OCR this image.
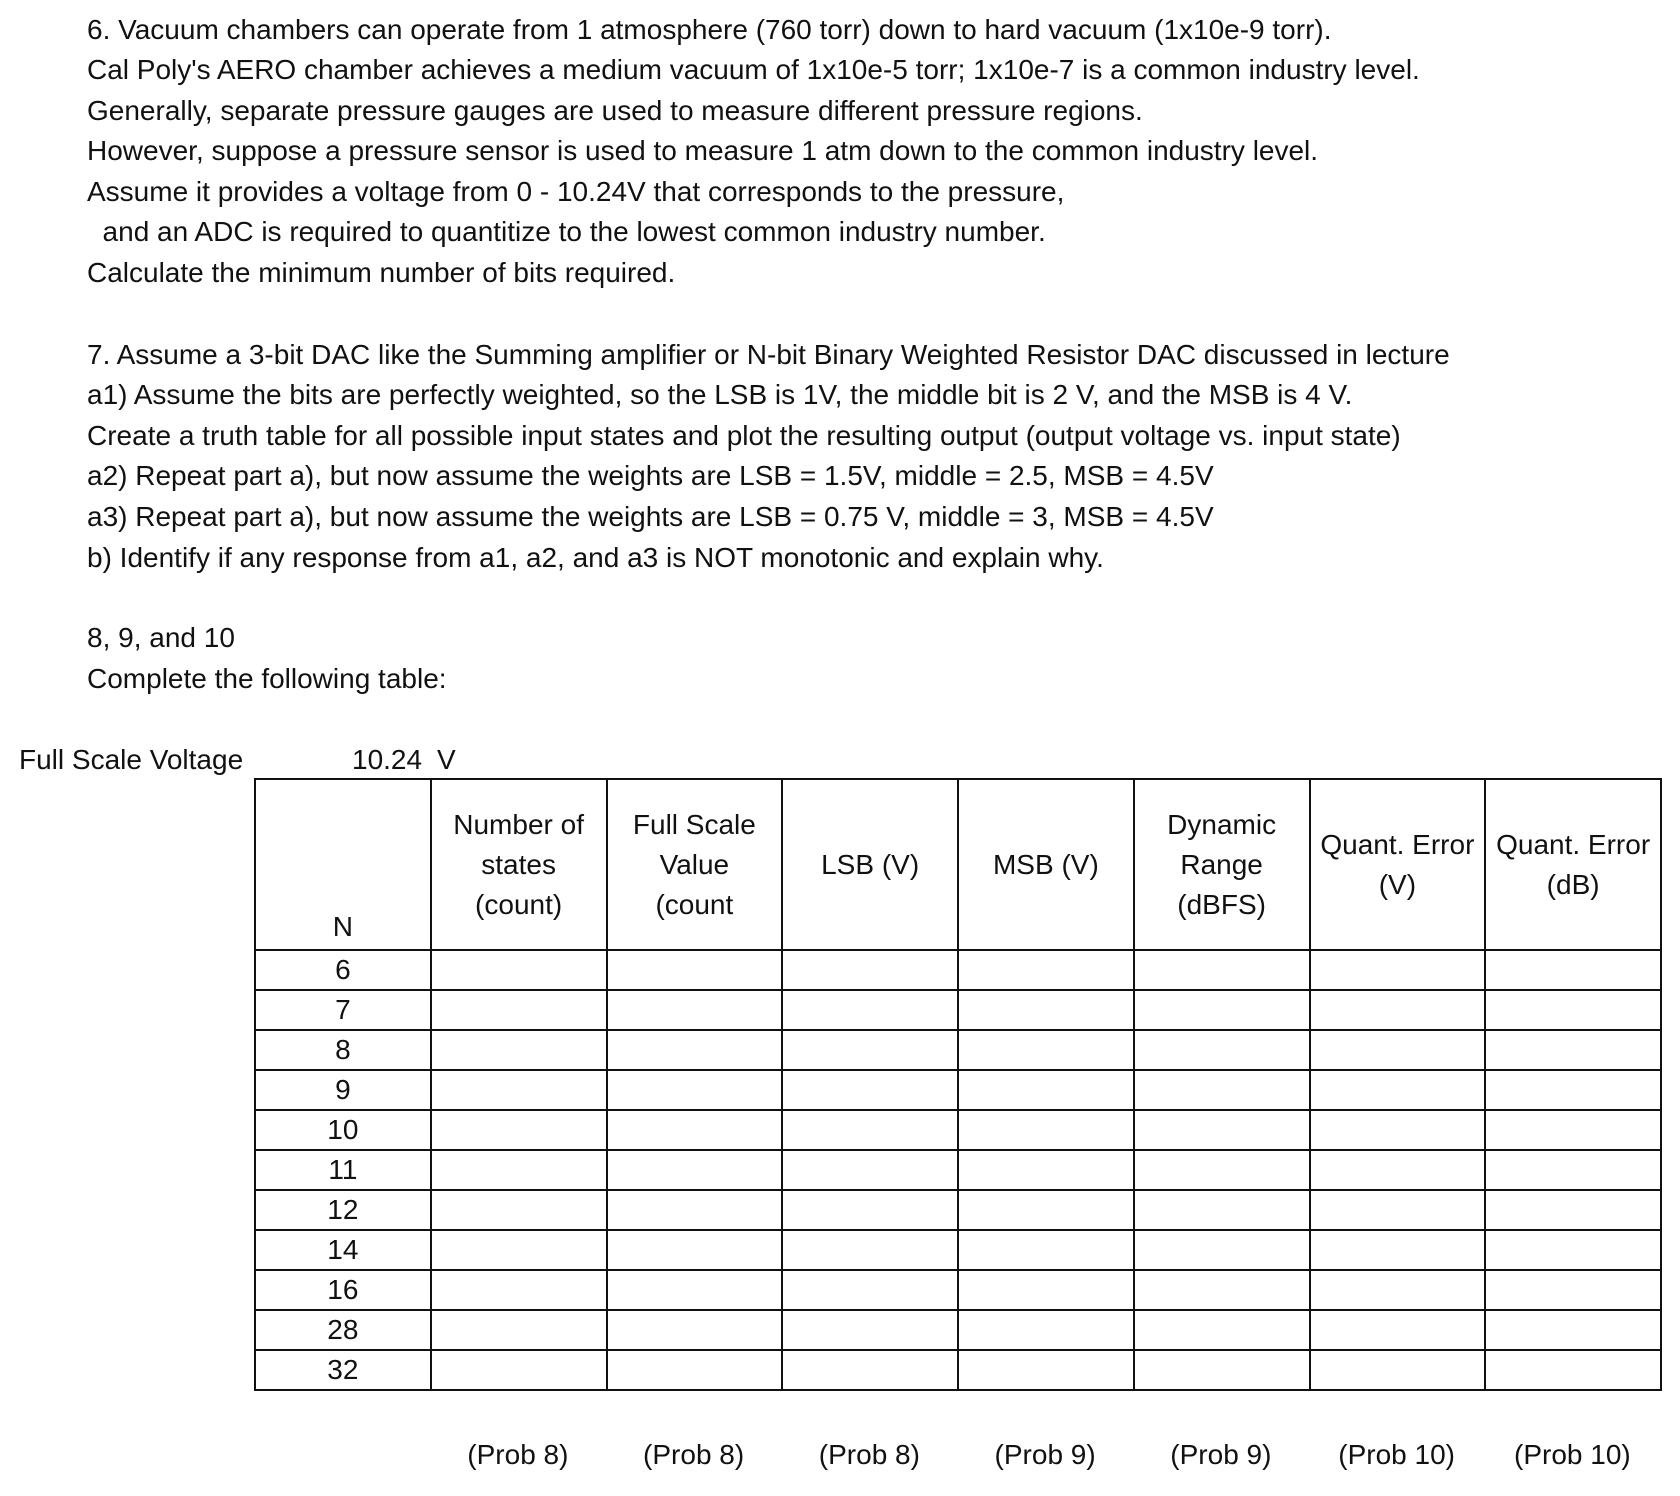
6. Vacuum chambers can operate from 1 atmosphere (760 torr) down to hard vacuum (1x10e-9 torr).
Cal Poly's AERO chamber achieves a medium vacuum of 1x10e-5 torr; 1x10e-7 is a common industry level.
Generally, separate pressure gauges are used to measure different pressure regions.
However, suppose a pressure sensor is used to measure 1 atm down to the common industry level.
Assume it provides a voltage from 0 - 10.24V that corresponds to the pressure,
and an ADC is required to quantitize to the lowest common industry number.
Calculate the minimum number of bits required.
7. Assume a 3-bit DAC like the Summing amplifier or N-bit Binary Weighted Resistor DAC discussed in lecture
a1) Assume the bits are perfectly weighted, so the LSB is 1V, the middle bit is 2 V, and the MSB is 4 V.
Create a truth table for all possible input states and plot the resulting output (output voltage vs. input state)
a2) Repeat part a), but now assume the weights are LSB = 1.5V, middle = 2.5, MSB = 4.5V
a3) Repeat part a), but now assume the weights are LSB = 0.75 V, middle = 3, MSB = 4.5V
b) Identify if any response from a1, a2, and a3 is NOT monotonic and explain why.
8, 9, and 10
Complete the following table:
Full Scale Voltage	10.24 V
N	Number of
states
(count)	Full Scale
Value
(count	LSB (V)	MSB (V)	Dynamic
Range
(dBFS)	Quant. Error
(V)	Quant. Error
(dB)
6							
7							
8							
9							
10							
11							
12							
14							
16							
28							
32							
(Prob 8)	(Prob 8)	(Prob 8)	(Prob 9)	(Prob 9)	(Prob 10)	(Prob 10)
